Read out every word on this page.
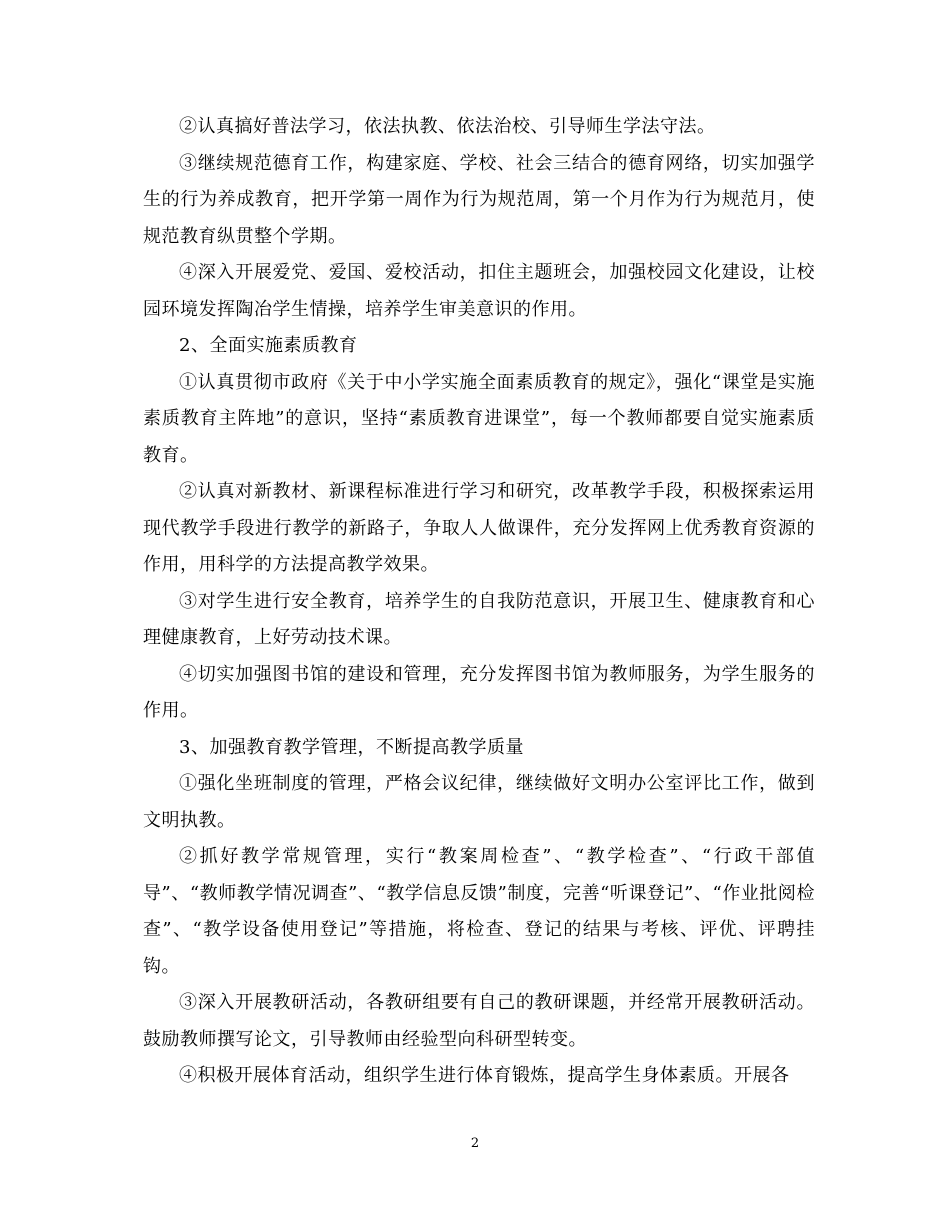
②认真搞好普法学习，依法执教、依法治校、引导师生学法守法。

③继续规范德育工作，构建家庭、学校、社会三结合的德育网络，切实加强学生的行为养成教育，把开学第一周作为行为规范周，第一个月作为行为规范月，使规范教育纵贯整个学期。

④深入开展爱党、爱国、爱校活动，扣住主题班会，加强校园文化建设，让校园环境发挥陶冶学生情操，培养学生审美意识的作用。

2、全面实施素质教育

①认真贯彻市政府《关于中小学实施全面素质教育的规定》，强化“课堂是实施素质教育主阵地”的意识，坚持“素质教育进课堂”，每一个教师都要自觉实施素质教育。

②认真对新教材、新课程标准进行学习和研究，改革教学手段，积极探索运用现代教学手段进行教学的新路子，争取人人做课件，充分发挥网上优秀教育资源的作用，用科学的方法提高教学效果。

③对学生进行安全教育，培养学生的自我防范意识，开展卫生、健康教育和心理健康教育，上好劳动技术课。

④切实加强图书馆的建设和管理，充分发挥图书馆为教师服务，为学生服务的作用。

3、加强教育教学管理，不断提高教学质量

①强化坐班制度的管理，严格会议纪律，继续做好文明办公室评比工作，做到文明执教。

②抓好教学常规管理，实行“教案周检查”、“教学检查”、“行政干部值导”、“教师教学情况调查”、“教学信息反馈”制度，完善“听课登记”、“作业批阅检查”、“教学设备使用登记”等措施，将检查、登记的结果与考核、评优、评聘挂钩。

③深入开展教研活动，各教研组要有自己的教研课题，并经常开展教研活动。鼓励教师撰写论文，引导教师由经验型向科研型转变。

④积极开展体育活动，组织学生进行体育锻炼，提高学生身体素质。开展各

2
